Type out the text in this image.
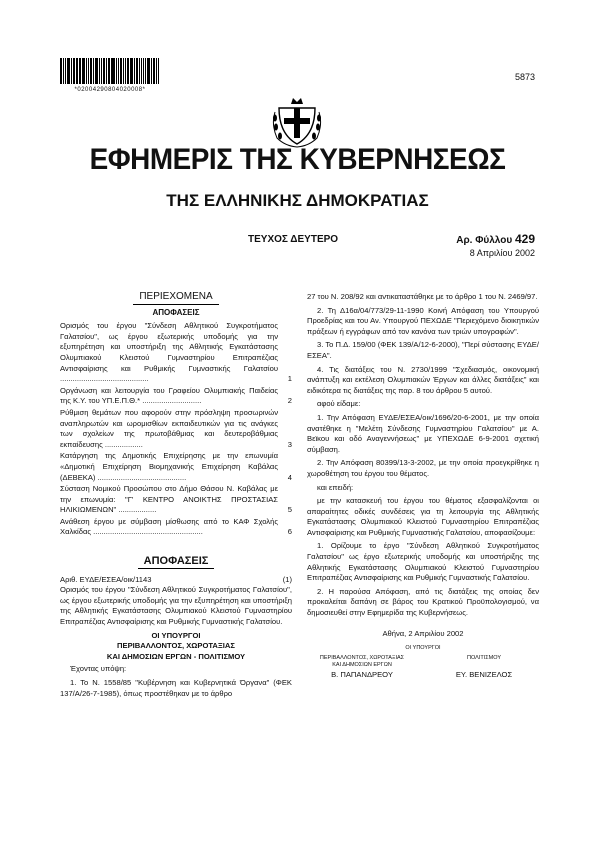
*02004290804020008*
5873
ΕΦΗΜΕΡΙΣ ΤΗΣ ΚΥΒΕΡΝΗΣΕΩΣ
ΤΗΣ ΕΛΛΗΝΙΚΗΣ ΔΗΜΟΚΡΑΤΙΑΣ
ΤΕΥΧΟΣ ΔΕΥΤΕΡΟ	Αρ. Φύλλου 429
8 Απριλίου 2002
ΠΕΡΙΕΧΟΜΕΝΑ
ΑΠΟΦΑΣΕΙΣ
Ορισμός του έργου "Σύνδεση Αθλητικού Συγκροτήματος Γαλατσίου", ως έργου εξωτερικής υποδομής για την εξυπηρέτηση και υποστήριξη της Αθλητικής Εγκατάστασης Ολυμπιακού Κλειστού Γυμναστηρίου Επιτραπέζιας Αντισφαίρισης και Ρυθμικής Γυμναστικής Γαλατσίου ..........................................	1
Οργάνωση και λειτουργία του Γραφείου Ολυμπιακής Παιδείας της Κ.Υ. του ΥΠ.Ε.Π.Θ.* ............................	2
Ρύθμιση θεμάτων που αφορούν στην πρόσληψη προσωρινών αναπληρωτών και ωρομισθίων εκπαιδευτικών για τις ανάγκες των σχολείων της πρωτοβάθμιας και δευτεροβάθμιας εκπαίδευσης ..................	3
Κατάργηση της Δημοτικής Επιχείρησης με την επωνυμία «Δημοτική Επιχείρηση Βιομηχανικής Επιχείρηση Καβάλας (ΔΕΒΕΚΑ) ..........................................	4
Σύσταση Νομικού Προσώπου στο Δήμο Θάσου Ν. Καβάλας με την επωνυμία: "Γ' ΚΕΝΤΡΟ ΑΝΟΙΚΤΗΣ ΠΡΟΣΤΑΣΙΑΣ ΗΛΙΚΙΩΜΕΝΩΝ" ..................	5
Ανάθεση έργου με σύμβαση μίσθωσης από το ΚΑΦ Σχολής Χαλκίδας ....................................................	6
ΑΠΟΦΑΣΕΙΣ
Αριθ. ΕΥΔΕ/ΕΣΕΑ/οικ/1143	(1)
Ορισμός του έργου "Σύνδεση Αθλητικού Συγκροτήματος Γαλατσίου", ως έργου εξωτερικής υποδομής για την εξυπηρέτηση και υποστήριξη της Αθλητικής Εγκατάστασης Ολυμπιακού Κλειστού Γυμναστηρίου Επιτραπέζιας Αντισφαίρισης και Ρυθμικής Γυμναστικής Γαλατσίου.
ΟΙ ΥΠΟΥΡΓΟΙ
ΠΕΡΙΒΑΛΛΟΝΤΟΣ, ΧΩΡΟΤΑΞΙΑΣ
ΚΑΙ ΔΗΜΟΣΙΩΝ ΕΡΓΩΝ - ΠΟΛΙΤΙΣΜΟΥ
Έχοντας υπόψη:
1. Το Ν. 1558/85 "Κυβέρνηση και Κυβερνητικά Όργανα" (ΦΕΚ 137/Α/26-7-1985), όπως προστέθηκαν με το άρθρο
27 του Ν. 208/92 και αντικαταστάθηκε με το άρθρο 1 του Ν. 2469/97.
2. Τη Δ16α/04/773/29-11-1990 Κοινή Απόφαση του Υπουργού Προεδρίας και του Αν. Υπουργού ΠΕΧΩΔΕ "Περιεχόμενο διοικητικών πράξεων ή εγγράφων από τον κανόνα των τριών υπογραφών".
3. Το Π.Δ. 159/00 (ΦΕΚ 139/Α/12-6-2000), "Περί σύστασης ΕΥΔΕ/ΕΣΕΑ".
4. Τις διατάξεις του Ν. 2730/1999 "Σχεδιασμός, οικονομική ανάπτυξη και εκτέλεση Ολυμπιακών Έργων και άλλες διατάξεις" και ειδικότερα τις διατάξεις της παρ. 8 του άρθρου 5 αυτού.
αφού είδαμε:
1. Την Απόφαση ΕΥΔΕ/ΕΣΕΑ/οικ/1696/20-6-2001, με την οποία ανατέθηκε η "Μελέτη Σύνδεσης Γυμναστηρίου Γαλατσίου" με Α. Βεϊκου και οδό Αναγεννήσεως" με ΥΠΕΧΩΔΕ 6-9-2001 σχετική σύμβαση.
2. Την Απόφαση 80399/13-3-2002, με την οποία προεγκρίθηκε η χωροθέτηση του έργου του θέματος.
και επειδή:
με την κατασκευή του έργου του θέματος εξασφαλίζονται οι απαραίτητες οδικές συνδέσεις για τη λειτουργία της Αθλητικής Εγκατάστασης Ολυμπιακού Κλειστού Γυμναστηρίου Επιτραπέζιας Αντισφαίρισης και Ρυθμικής Γυμναστικής Γαλατσίου, αποφασίζουμε:
1. Ορίζουμε το έργο "Σύνδεση Αθλητικού Συγκροτήματος Γαλατσίου" ως έργο εξωτερικής υποδομής και υποστήριξης της Αθλητικής Εγκατάστασης Ολυμπιακού Κλειστού Γυμναστηρίου Επιτραπέζιας Αντισφαίρισης και Ρυθμικής Γυμναστικής Γαλατσίου.
2. Η παρούσα Απόφαση, από τις διατάξεις της οποίας δεν προκαλείται δαπάνη σε βάρος του Κρατικού Προϋπολογισμού, να δημοσιευθεί στην Εφημερίδα της Κυβερνήσεως.
Αθήνα, 2 Απριλίου 2002
ΟΙ ΥΠΟΥΡΓΟΙ
ΠΕΡΙΒΑΛΛΟΝΤΟΣ, ΧΩΡΟΤΑΞΙΑΣ
ΚΑΙ ΔΗΜΟΣΙΩΝ ΕΡΓΩΝ
Β. ΠΑΠΑΝΔΡΕΟΥ
ΠΟΛΙΤΙΣΜΟΥ

ΕΥ. ΒΕΝΙΖΕΛΟΣ
